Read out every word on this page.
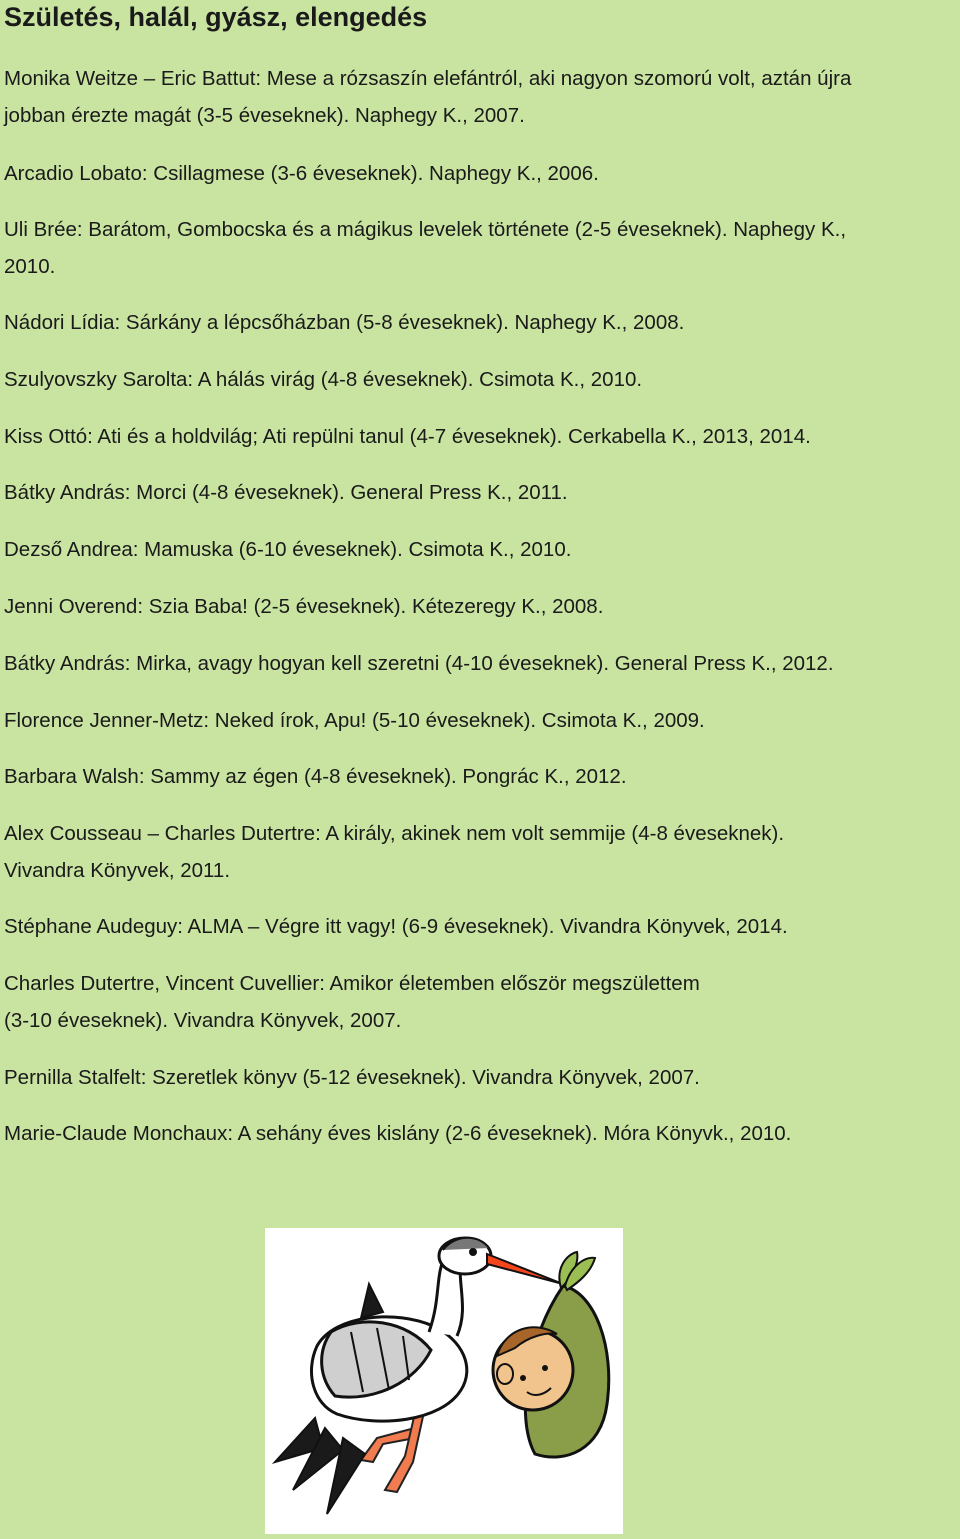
Születés, halál, gyász, elengedés
Monika Weitze – Eric Battut: Mese a rózsaszín elefántról, aki nagyon szomorú volt, aztán újra
jobban érezte magát (3-5 éveseknek). Naphegy K., 2007.
Arcadio Lobato: Csillagmese (3-6 éveseknek). Naphegy K., 2006.
Uli Brée: Barátom, Gombocska és a mágikus levelek története (2-5 éveseknek). Naphegy K.,
2010.
Nádori Lídia: Sárkány a lépcsőházban (5-8 éveseknek). Naphegy K., 2008.
Szulyovszky Sarolta: A hálás virág (4-8 éveseknek). Csimota K., 2010.
Kiss Ottó: Ati és a holdvilág; Ati repülni tanul (4-7 éveseknek). Cerkabella K., 2013, 2014.
Bátky András: Morci (4-8 éveseknek). General Press K., 2011.
Dezső Andrea: Mamuska (6-10 éveseknek). Csimota K., 2010.
Jenni Overend: Szia Baba! (2-5 éveseknek). Kétezeregy K., 2008.
Bátky András: Mirka, avagy hogyan kell szeretni (4-10 éveseknek). General Press K., 2012.
Florence Jenner-Metz: Neked írok, Apu! (5-10 éveseknek). Csimota K., 2009.
Barbara Walsh: Sammy az égen (4-8 éveseknek). Pongrác K., 2012.
Alex Cousseau – Charles Dutertre: A király, akinek nem volt semmije (4-8 éveseknek).
Vivandra Könyvek, 2011.
Stéphane Audeguy: ALMA – Végre itt vagy! (6-9 éveseknek). Vivandra Könyvek, 2014.
Charles Dutertre, Vincent Cuvellier: Amikor életemben először megszülettem
(3-10 éveseknek). Vivandra Könyvek, 2007.
Pernilla Stalfelt: Szeretlek könyv (5-12 éveseknek). Vivandra Könyvek, 2007.
Marie-Claude Monchaux: A sehány éves kislány (2-6 éveseknek). Móra Könyvk., 2010.
